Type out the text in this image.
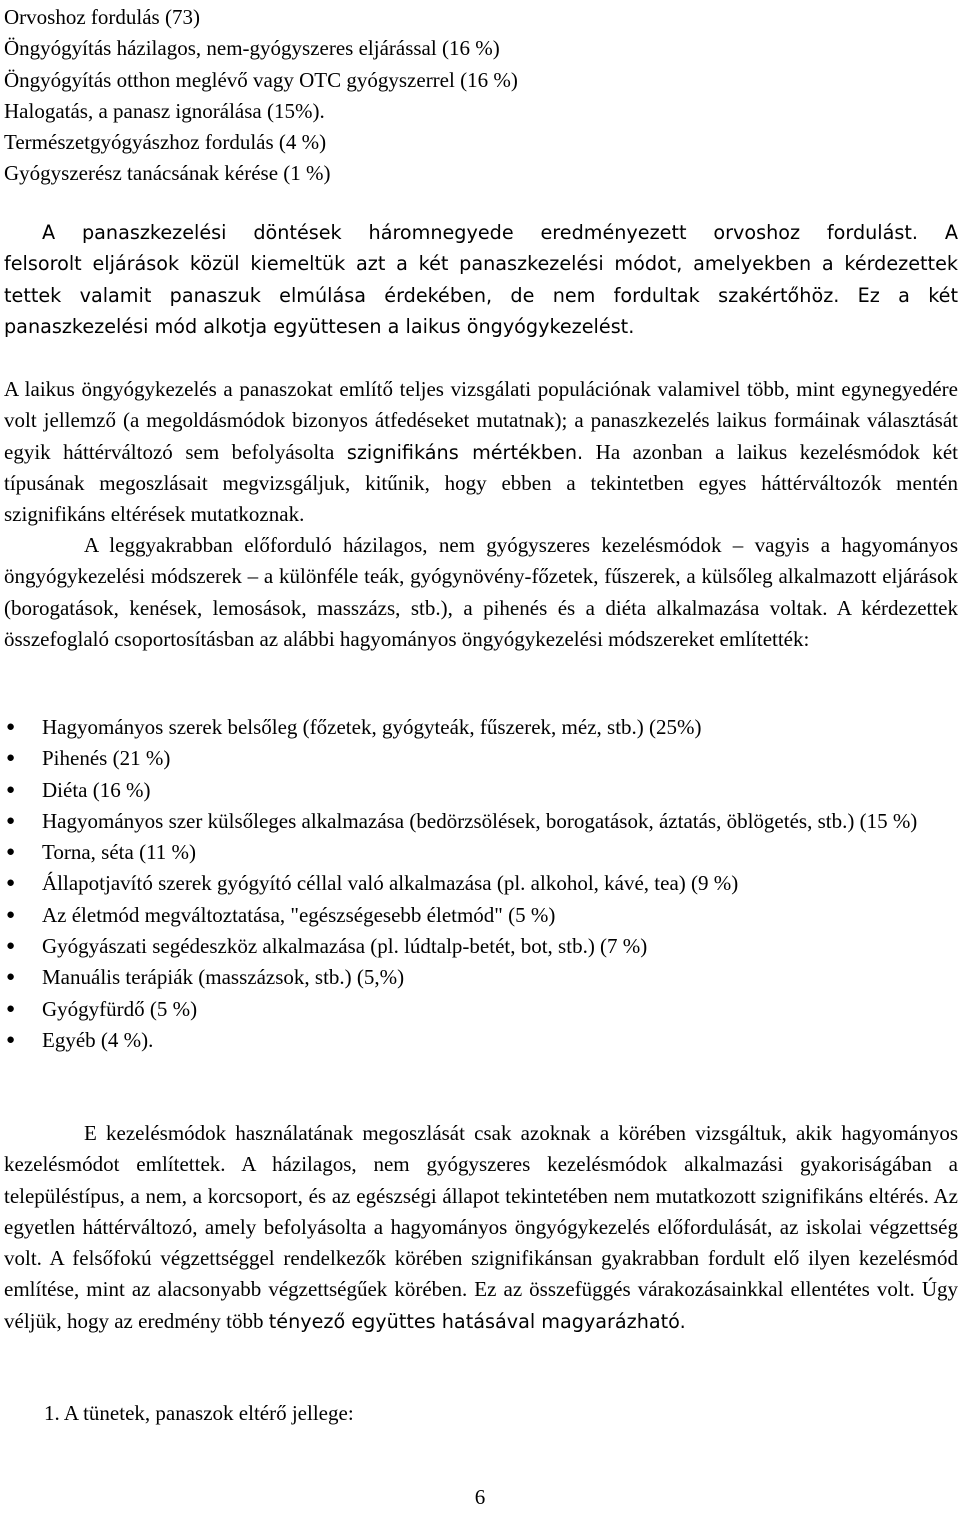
Orvoshoz fordulás (73)
Öngyógyítás házilagos, nem-gyógyszeres eljárással (16 %)
Öngyógyítás otthon meglévő vagy OTC gyógyszerrel (16 %)
Halogatás, a panasz ignorálása (15%).
Természetgyógyászhoz fordulás (4 %)
Gyógyszerész tanácsának kérése (1 %)
A panaszkezelési döntések háromnegyede eredményezett orvoshoz fordulást. A
felsorolt eljárások közül kiemeltük azt a két panaszkezelési módot, amelyekben a kérdezettek tettek valamit panaszuk elmúlása érdekében, de nem fordultak szakértőhöz. Ez a két panaszkezelési mód alkotja együttesen a laikus öngyógykezelést.
A laikus öngyógykezelés a panaszokat említő teljes vizsgálati populációnak valamivel több, mint egynegyedére volt jellemző (a megoldásmódok bizonyos átfedéseket mutatnak); a panaszkezelés laikus formáinak választását egyik háttérváltozó sem befolyásolta szignifikáns mértékben. Ha azonban a laikus kezelésmódok két típusának megoszlásait megvizsgáljuk, kitűnik, hogy ebben a tekintetben egyes háttérváltozók mentén szignifikáns eltérések mutatkoznak.
A leggyakrabban előforduló házilagos, nem gyógyszeres kezelésmódok – vagyis a hagyományos öngyógykezelési módszerek – a különféle teák, gyógynövény-főzetek, fűszerek, a külsőleg alkalmazott eljárások (borogatások, kenések, lemosások, masszázs, stb.), a pihenés és a diéta alkalmazása voltak. A kérdezettek összefoglaló csoportosításban az alábbi hagyományos öngyógykezelési módszereket említették:
● Hagyományos szerek belsőleg (főzetek, gyógyteák, fűszerek, méz, stb.) (25%)
● Pihenés (21 %)
● Diéta (16 %)
● Hagyományos szer külsőleges alkalmazása (bedörzsölések, borogatások, áztatás, öblögetés, stb.) (15 %)
● Torna, séta (11 %)
● Állapotjavító szerek gyógyító céllal való alkalmazása (pl. alkohol, kávé, tea) (9 %)
● Az életmód megváltoztatása, "egészségesebb életmód" (5 %)
● Gyógyászati segédeszköz alkalmazása (pl. lúdtalp-betét, bot, stb.) (7 %)
● Manuális terápiák (masszázsok, stb.) (5,%)
● Gyógyfürdő (5 %)
● Egyéb (4 %).
E kezelésmódok használatának megoszlását csak azoknak a körében vizsgáltuk, akik hagyományos kezelésmódot említettek. A házilagos, nem gyógyszeres kezelésmódok alkalmazási gyakoriságában a településtípus, a nem, a korcsoport, és az egészségi állapot tekintetében nem mutatkozott szignifikáns eltérés. Az egyetlen háttérváltozó, amely befolyásolta a hagyományos öngyógykezelés előfordulását, az iskolai végzettség volt. A felsőfokú végzettséggel rendelkezők körében szignifikánsan gyakrabban fordult elő ilyen kezelésmód említése, mint az alacsonyabb végzettségűek körében. Ez az összefüggés várakozásainkkal ellentétes volt. Úgy véljük, hogy az eredmény több tényező együttes hatásával magyarázható.
1. A tünetek, panaszok eltérő jellege:
6
